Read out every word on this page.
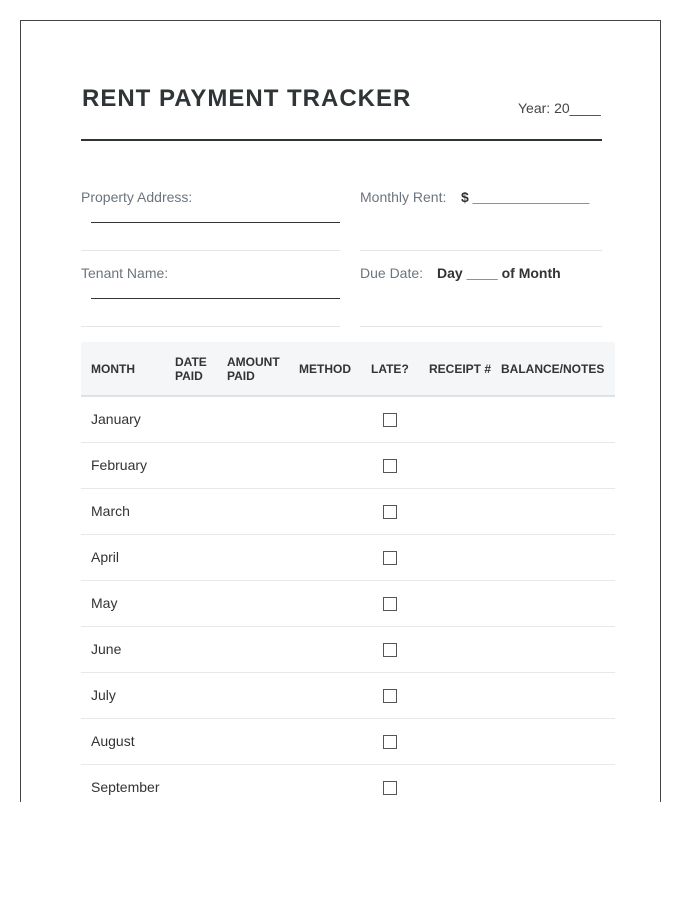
RENT PAYMENT TRACKER	Year: 20____
Property Address:	Monthly Rent: $ _______________
Tenant Name:	Due Date: Day ____ of Month
MONTH	DATE PAID	AMOUNT PAID	METHOD	LATE?	RECEIPT #	BALANCE/NOTES
January						
February						
March						
April						
May						
June						
July						
August						
September						
